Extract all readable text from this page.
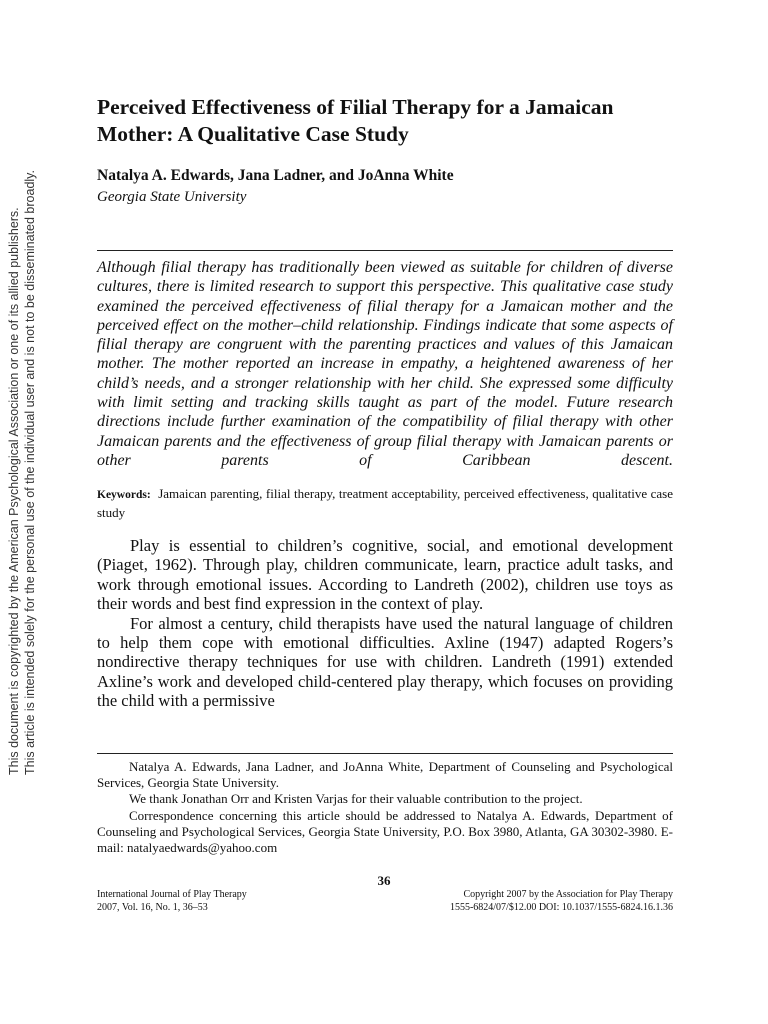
This document is copyrighted by the American Psychological Association or one of its allied publishers. This article is intended solely for the personal use of the individual user and is not to be disseminated broadly.
Perceived Effectiveness of Filial Therapy for a Jamaican Mother: A Qualitative Case Study
Natalya A. Edwards, Jana Ladner, and JoAnna White
Georgia State University

Although filial therapy has traditionally been viewed as suitable for children of diverse cultures, there is limited research to support this perspective. This qualitative case study examined the perceived effectiveness of filial therapy for a Jamaican mother and the perceived effect on the mother–child relationship. Findings indicate that some aspects of filial therapy are congruent with the parenting practices and values of this Jamaican mother. The mother reported an increase in empathy, a heightened awareness of her child’s needs, and a stronger relationship with her child. She expressed some difficulty with limit setting and tracking skills taught as part of the model. Future research directions include further examination of the compatibility of filial therapy with other Jamaican parents and the effectiveness of group filial therapy with Jamaican parents or other parents of Caribbean descent.

Keywords: Jamaican parenting, filial therapy, treatment acceptability, perceived effectiveness, qualitative case study

Play is essential to children’s cognitive, social, and emotional development (Piaget, 1962). Through play, children communicate, learn, practice adult tasks, and work through emotional issues. According to Landreth (2002), children use toys as their words and best find expression in the context of play.

For almost a century, child therapists have used the natural language of children to help them cope with emotional difficulties. Axline (1947) adapted Rogers’s nondirective therapy techniques for use with children. Landreth (1991) extended Axline’s work and developed child-centered play therapy, which focuses on providing the child with a permissive

Natalya A. Edwards, Jana Ladner, and JoAnna White, Department of Counseling and Psychological Services, Georgia State University.

We thank Jonathan Orr and Kristen Varjas for their valuable contribution to the project.

Correspondence concerning this article should be addressed to Natalya A. Edwards, Department of Counseling and Psychological Services, Georgia State University, P.O. Box 3980, Atlanta, GA 30302-3980. E-mail: natalyaedwards@yahoo.com

36
International Journal of Play Therapy
2007, Vol. 16, No. 1, 36–53
Copyright 2007 by the Association for Play Therapy
1555-6824/07/$12.00 DOI: 10.1037/1555-6824.16.1.36
